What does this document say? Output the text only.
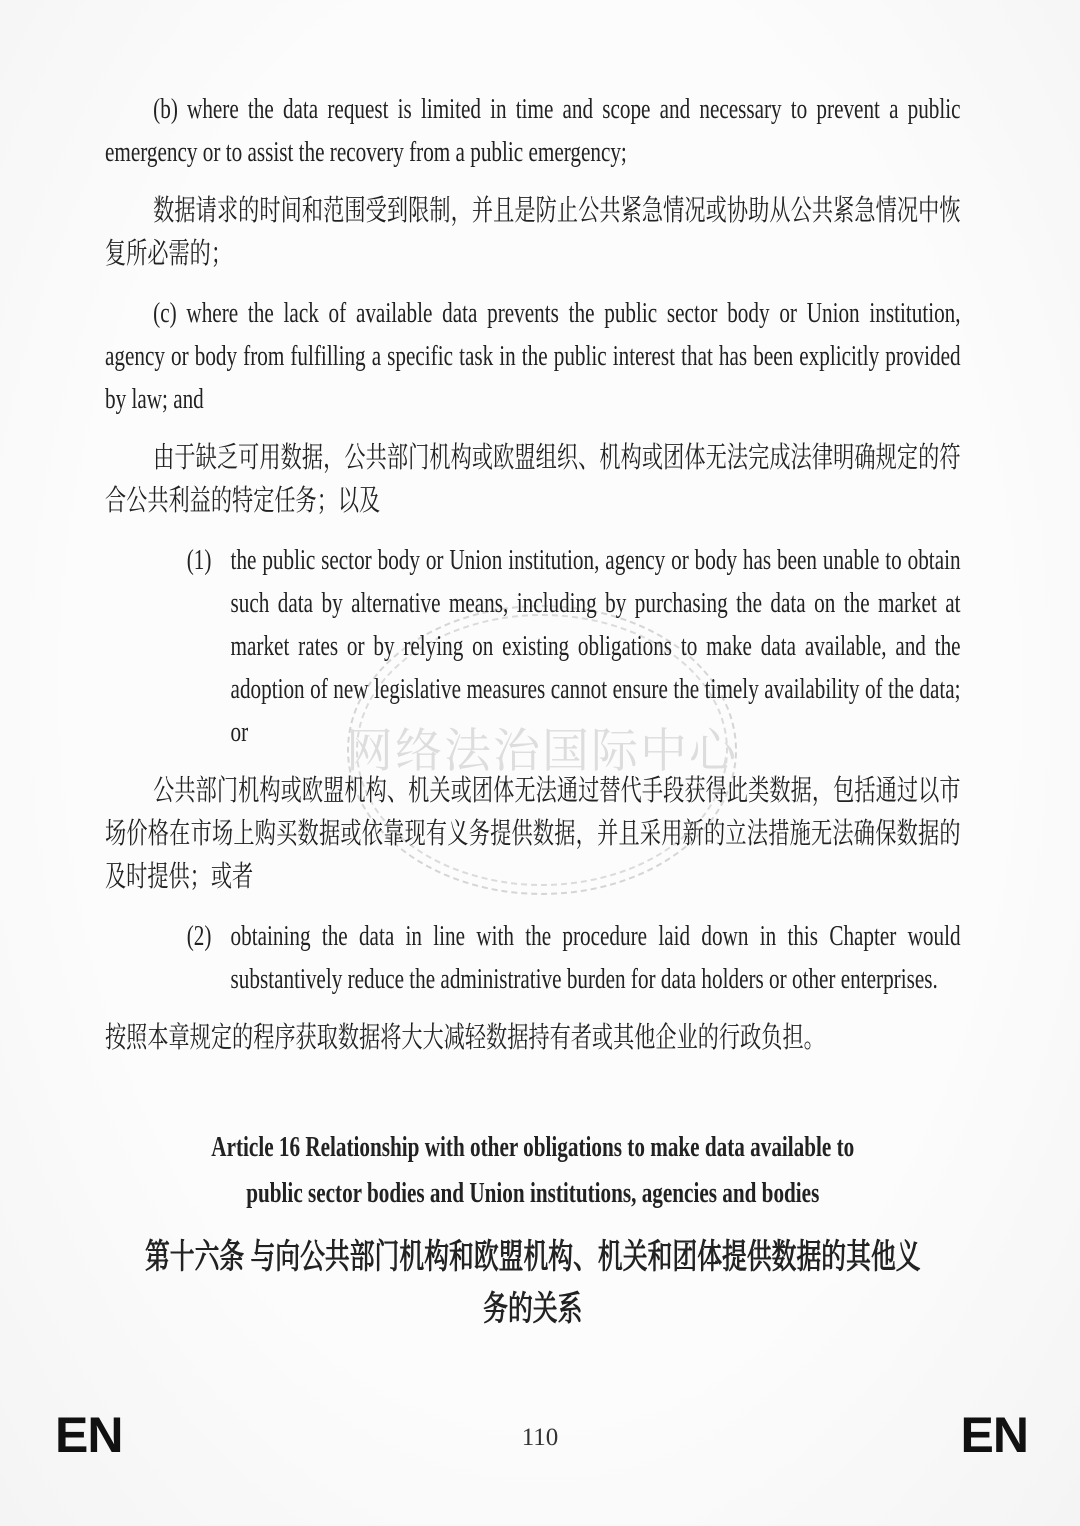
网络法治国际中心

(b) where the data request is limited in time and scope and necessary to prevent a public emergency or to assist the recovery from a public emergency;

数据请求的时间和范围受到限制，并且是防止公共紧急情况或协助从公共紧急情况中恢复所必需的；

(c) where the lack of available data prevents the public sector body or Union institution, agency or body from fulfilling a specific task in the public interest that has been explicitly provided by law; and

由于缺乏可用数据，公共部门机构或欧盟组织、机构或团体无法完成法律明确规定的符合公共利益的特定任务；以及

(1) the public sector body or Union institution, agency or body has been unable to obtain such data by alternative means, including by purchasing the data on the market at market rates or by relying on existing obligations to make data available, and the adoption of new legislative measures cannot ensure the timely availability of the data; or

公共部门机构或欧盟机构、机关或团体无法通过替代手段获得此类数据，包括通过以市场价格在市场上购买数据或依靠现有义务提供数据，并且采用新的立法措施无法确保数据的及时提供；或者

(2) obtaining the data in line with the procedure laid down in this Chapter would substantively reduce the administrative burden for data holders or other enterprises.

按照本章规定的程序获取数据将大大减轻数据持有者或其他企业的行政负担。

Article 16 Relationship with other obligations to make data available to
public sector bodies and Union institutions, agencies and bodies
第十六条 与向公共部门机构和欧盟机构、机关和团体提供数据的其他义
务的关系
EN	110	EN
